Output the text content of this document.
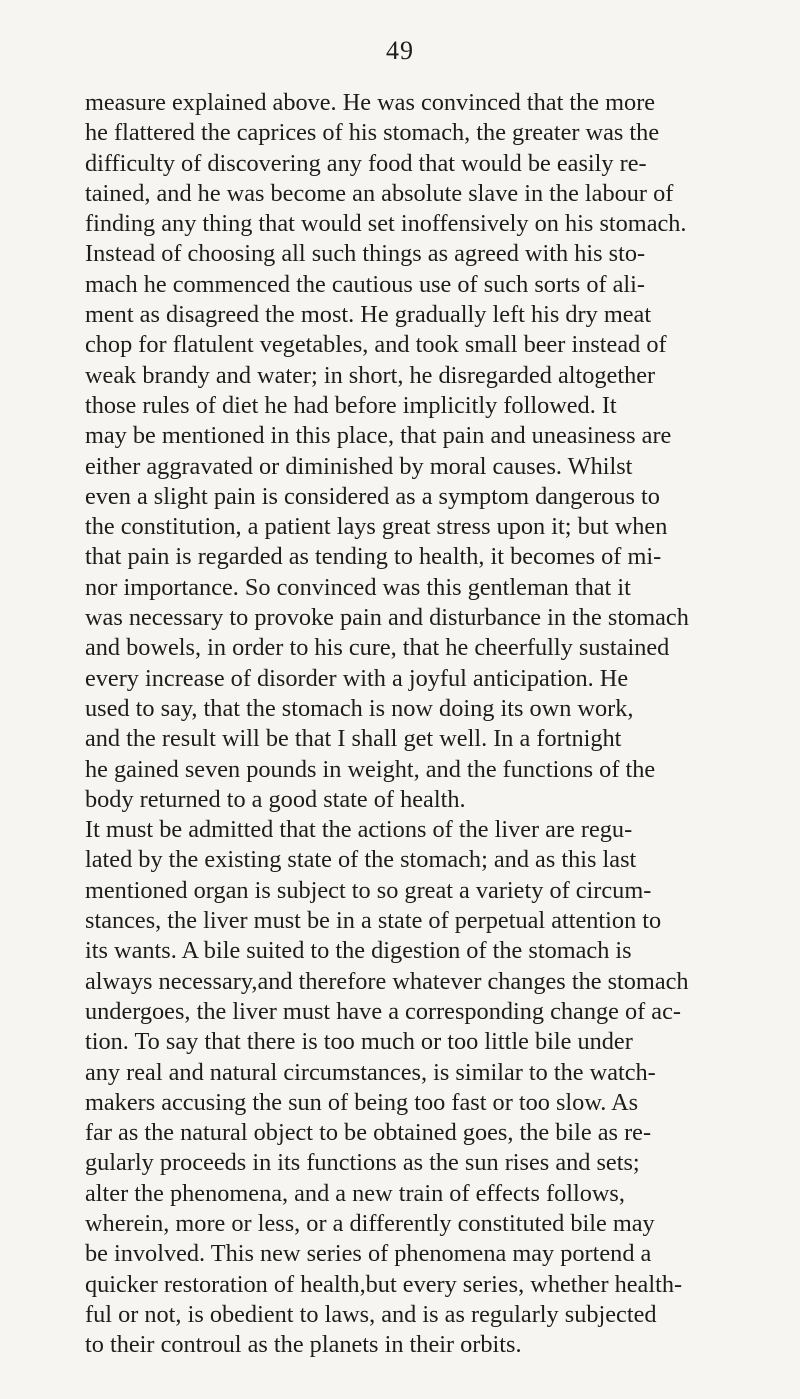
49
measure explained above. He was convinced that the more
he flattered the caprices of his stomach, the greater was the
difficulty of discovering any food that would be easily re-
tained, and he was become an absolute slave in the labour of
finding any thing that would set inoffensively on his stomach.
Instead of choosing all such things as agreed with his sto-
mach he commenced the cautious use of such sorts of ali-
ment as disagreed the most. He gradually left his dry meat
chop for flatulent vegetables, and took small beer instead of
weak brandy and water; in short, he disregarded altogether
those rules of diet he had before implicitly followed. It
may be mentioned in this place, that pain and uneasiness are
either aggravated or diminished by moral causes. Whilst
even a slight pain is considered as a symptom dangerous to
the constitution, a patient lays great stress upon it; but when
that pain is regarded as tending to health, it becomes of mi-
nor importance. So convinced was this gentleman that it
was necessary to provoke pain and disturbance in the stomach
and bowels, in order to his cure, that he cheerfully sustained
every increase of disorder with a joyful anticipation. He
used to say, that the stomach is now doing its own work,
and the result will be that I shall get well. In a fortnight
he gained seven pounds in weight, and the functions of the
body returned to a good state of health.
It must be admitted that the actions of the liver are regu-
lated by the existing state of the stomach; and as this last
mentioned organ is subject to so great a variety of circum-
stances, the liver must be in a state of perpetual attention to
its wants. A bile suited to the digestion of the stomach is
always necessary,and therefore whatever changes the stomach
undergoes, the liver must have a corresponding change of ac-
tion. To say that there is too much or too little bile under
any real and natural circumstances, is similar to the watch-
makers accusing the sun of being too fast or too slow. As
far as the natural object to be obtained goes, the bile as re-
gularly proceeds in its functions as the sun rises and sets;
alter the phenomena, and a new train of effects follows,
wherein, more or less, or a differently constituted bile may
be involved. This new series of phenomena may portend a
quicker restoration of health,but every series, whether health-
ful or not, is obedient to laws, and is as regularly subjected
to their controul as the planets in their orbits.
